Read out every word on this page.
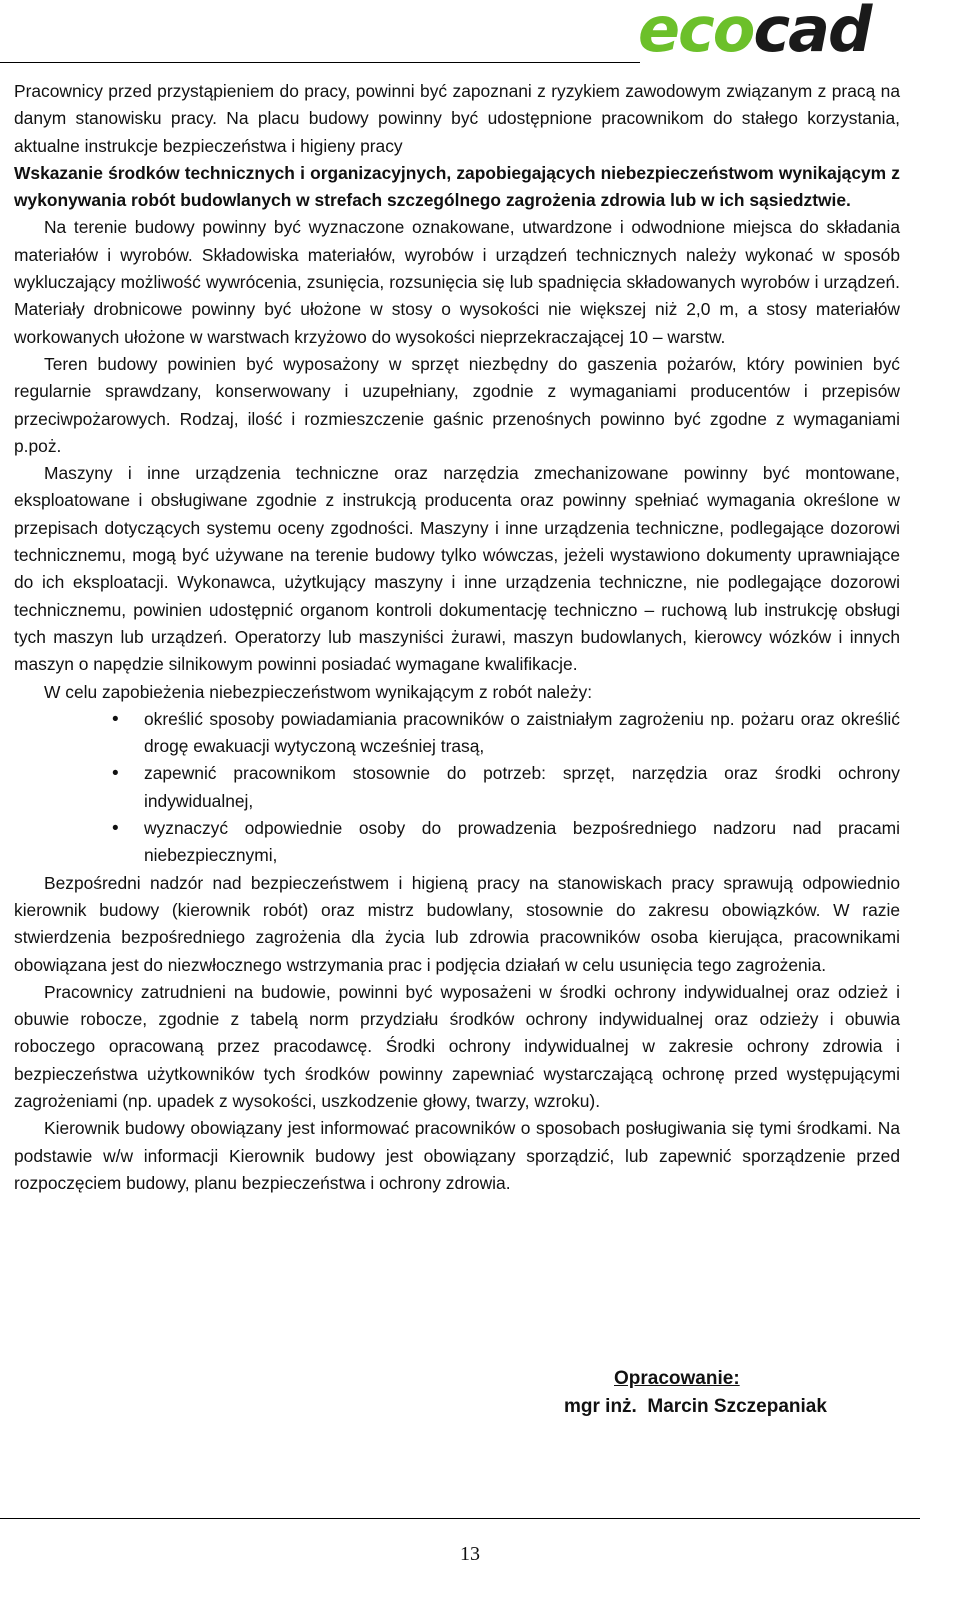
ecocad

Pracownicy przed przystąpieniem do pracy, powinni być zapoznani z ryzykiem zawodowym związanym z pracą na danym stanowisku pracy. Na placu budowy powinny być udostępnione pracownikom do stałego korzystania, aktualne instrukcje bezpieczeństwa i higieny pracy

Wskazanie środków technicznych i organizacyjnych, zapobiegających niebezpieczeństwom wynikającym z wykonywania robót budowlanych w strefach szczególnego zagrożenia zdrowia lub w ich sąsiedztwie.

Na terenie budowy powinny być wyznaczone oznakowane, utwardzone i odwodnione miejsca do składania materiałów i wyrobów. Składowiska materiałów, wyrobów i urządzeń technicznych należy wykonać w sposób wykluczający możliwość wywrócenia, zsunięcia, rozsunięcia się lub spadnięcia składowanych wyrobów i urządzeń. Materiały drobnicowe powinny być ułożone w stosy o wysokości nie większej niż 2,0 m, a stosy materiałów workowanych ułożone w warstwach krzyżowo do wysokości nieprzekraczającej 10 – warstw.

Teren budowy powinien być wyposażony w sprzęt niezbędny do gaszenia pożarów, który powinien być regularnie sprawdzany, konserwowany i uzupełniany, zgodnie z wymaganiami producentów i przepisów przeciwpożarowych. Rodzaj, ilość i rozmieszczenie gaśnic przenośnych powinno być zgodne z wymaganiami p.poż.

Maszyny i inne urządzenia techniczne oraz narzędzia zmechanizowane powinny być montowane, eksploatowane i obsługiwane zgodnie z instrukcją producenta oraz powinny spełniać wymagania określone w przepisach dotyczących systemu oceny zgodności. Maszyny i inne urządzenia techniczne, podlegające dozorowi technicznemu, mogą być używane na terenie budowy tylko wówczas, jeżeli wystawiono dokumenty uprawniające do ich eksploatacji. Wykonawca, użytkujący maszyny i inne urządzenia techniczne, nie podlegające dozorowi technicznemu, powinien udostępnić organom kontroli dokumentację techniczno – ruchową lub instrukcję obsługi tych maszyn lub urządzeń. Operatorzy lub maszyniści żurawi, maszyn budowlanych, kierowcy wózków i innych maszyn o napędzie silnikowym powinni posiadać wymagane kwalifikacje.

W celu zapobieżenia niebezpieczeństwom wynikającym z robót należy:

• określić sposoby powiadamiania pracowników o zaistniałym zagrożeniu np. pożaru oraz określić drogę ewakuacji wytyczoną wcześniej trasą,
• zapewnić pracownikom stosownie do potrzeb: sprzęt, narzędzia oraz środki ochrony indywidualnej,
• wyznaczyć odpowiednie osoby do prowadzenia bezpośredniego nadzoru nad pracami niebezpiecznymi,

Bezpośredni nadzór nad bezpieczeństwem i higieną pracy na stanowiskach pracy sprawują odpowiednio kierownik budowy (kierownik robót) oraz mistrz budowlany, stosownie do zakresu obowiązków. W razie stwierdzenia bezpośredniego zagrożenia dla życia lub zdrowia pracowników osoba kierująca, pracownikami obowiązana jest do niezwłocznego wstrzymania prac i podjęcia działań w celu usunięcia tego zagrożenia.

Pracownicy zatrudnieni na budowie, powinni być wyposażeni w środki ochrony indywidualnej oraz odzież i obuwie robocze, zgodnie z tabelą norm przydziału środków ochrony indywidualnej oraz odzieży i obuwia roboczego opracowaną przez pracodawcę. Środki ochrony indywidualnej w zakresie ochrony zdrowia i bezpieczeństwa użytkowników tych środków powinny zapewniać wystarczającą ochronę przed występującymi zagrożeniami (np. upadek z wysokości, uszkodzenie głowy, twarzy, wzroku).

Kierownik budowy obowiązany jest informować pracowników o sposobach posługiwania się tymi środkami. Na podstawie w/w informacji Kierownik budowy jest obowiązany sporządzić, lub zapewnić sporządzenie przed rozpoczęciem budowy, planu bezpieczeństwa i ochrony zdrowia.

Opracowanie:
mgr inż.  Marcin Szczepaniak
13
